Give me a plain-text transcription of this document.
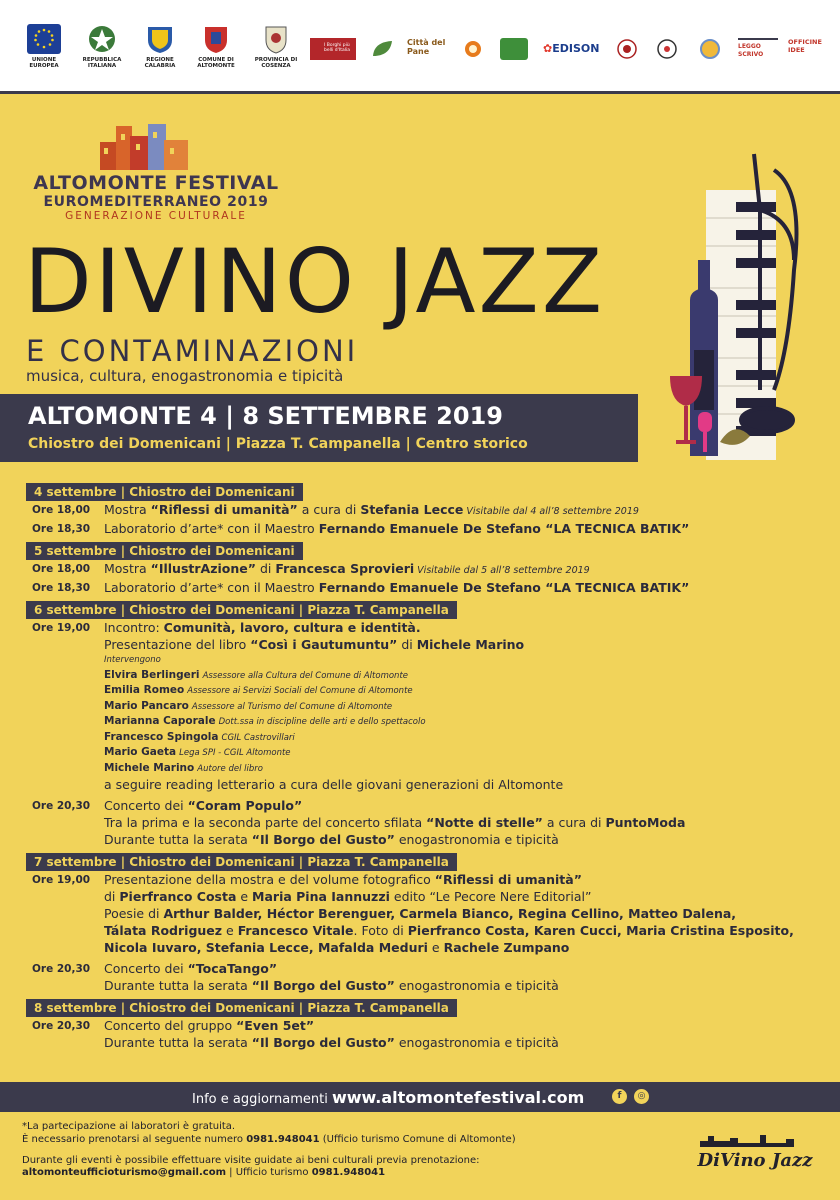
UNIONE EUROPEA
REPUBBLICA ITALIANA
REGIONE CALABRIA
COMUNE DI ALTOMONTE
PROVINCIA DI COSENZA
I Borghi più belli d'Italia
Città del Pane	✿EDISON	LEGGO SCRIVO
OFFICINE IDEE
ALTOMONTE FESTIVAL
EUROMEDITERRANEO 2019
GENERAZIONE CULTURALE
DIVINO JAZZ
E CONTAMINAZIONI
musica, cultura, enogastronomia e tipicità
ALTOMONTE 4 | 8 SETTEMBRE 2019
Chiostro dei Domenicani | Piazza T. Campanella | Centro storico
4 settembre | Chiostro dei Domenicani
Ore 18,00 Mostra “Riflessi di umanità” a cura di Stefania Lecce Visitabile dal 4 all’8 settembre 2019
Ore 18,30 Laboratorio d’arte* con il Maestro Fernando Emanuele De Stefano “LA TECNICA BATIK”
5 settembre | Chiostro dei Domenicani
Ore 18,00 Mostra “IllustrAzione” di Francesca Sprovieri Visitabile dal 5 all’8 settembre 2019
Ore 18,30 Laboratorio d’arte* con il Maestro Fernando Emanuele De Stefano “LA TECNICA BATIK”
6 settembre | Chiostro dei Domenicani | Piazza T. Campanella
Ore 19,00 Incontro: Comunità, lavoro, cultura e identità.
Presentazione del libro “Così i Gautumuntu” di Michele Marino
Intervengono
Elvira Berlingeri Assessore alla Cultura del Comune di Altomonte
Emilia Romeo Assessore ai Servizi Sociali del Comune di Altomonte
Mario Pancaro Assessore al Turismo del Comune di Altomonte
Marianna Caporale Dott.ssa in discipline delle arti e dello spettacolo
Francesco Spingola CGIL Castrovillari
Mario Gaeta Lega SPI - CGIL Altomonte
Michele Marino Autore del libro
a seguire reading letterario a cura delle giovani generazioni di Altomonte
Ore 20,30 Concerto dei “Coram Populo”
Tra la prima e la seconda parte del concerto sfilata “Notte di stelle” a cura di PuntoModa
Durante tutta la serata “Il Borgo del Gusto” enogastronomia e tipicità
7 settembre | Chiostro dei Domenicani | Piazza T. Campanella
Ore 19,00 Presentazione della mostra e del volume fotografico “Riflessi di umanità”
di Pierfranco Costa e Maria Pina Iannuzzi edito “Le Pecore Nere Editorial”
Poesie di Arthur Balder, Héctor Berenguer, Carmela Bianco, Regina Cellino, Matteo Dalena,
Tálata Rodriguez e Francesco Vitale. Foto di Pierfranco Costa, Karen Cucci, Maria Cristina Esposito,
Nicola Iuvaro, Stefania Lecce, Mafalda Meduri e Rachele Zumpano
Ore 20,30 Concerto dei “TocaTango”
Durante tutta la serata “Il Borgo del Gusto” enogastronomia e tipicità
8 settembre | Chiostro dei Domenicani | Piazza T. Campanella
Ore 20,30 Concerto del gruppo “Even 5et”
Durante tutta la serata “Il Borgo del Gusto” enogastronomia e tipicità
Info e aggiornamenti www.altomontefestival.com	f	◎
*La partecipazione ai laboratori è gratuita.
È necessario prenotarsi al seguente numero 0981.948041 (Ufficio turismo Comune di Altomonte)
Durante gli eventi è possibile effettuare visite guidate ai beni culturali previa prenotazione:
altomonteufficioturismo@gmail.com | Ufficio turismo 0981.948041
DiVino Jazz
